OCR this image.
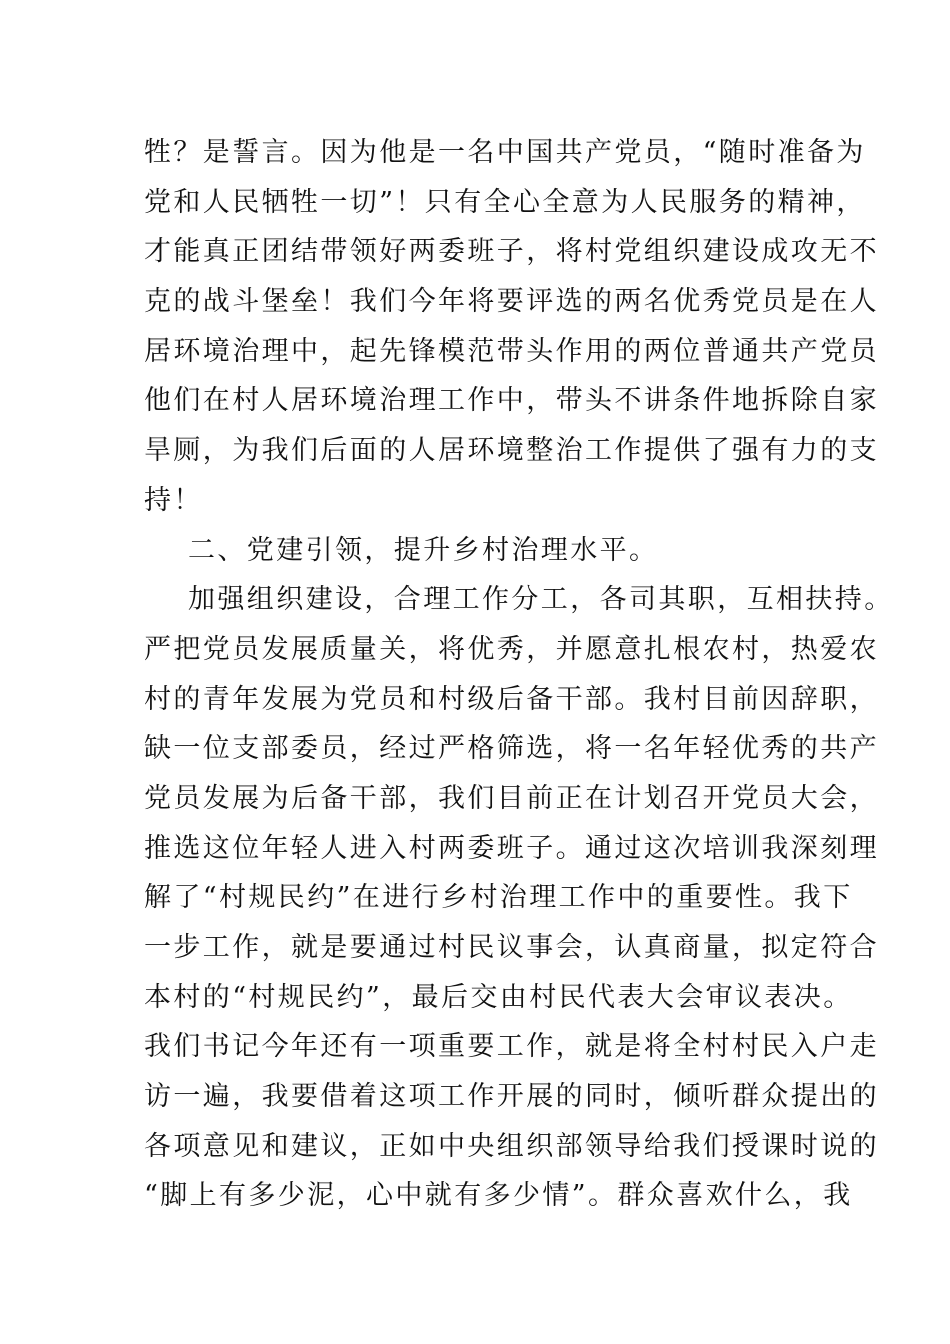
牲？是誓言。因为他是一名中国共产党员，“随时准备为
党和人民牺牲一切”！只有全心全意为人民服务的精神，
才能真正团结带领好两委班子，将村党组织建设成攻无不
克的战斗堡垒！我们今年将要评选的两名优秀党员是在人
居环境治理中，起先锋模范带头作用的两位普通共产党员
他们在村人居环境治理工作中，带头不讲条件地拆除自家
旱厕，为我们后面的人居环境整治工作提供了强有力的支
持！
二、党建引领，提升乡村治理水平。
加强组织建设，合理工作分工，各司其职，互相扶持。
严把党员发展质量关，将优秀，并愿意扎根农村，热爱农
村的青年发展为党员和村级后备干部。我村目前因辞职，
缺一位支部委员，经过严格筛选，将一名年轻优秀的共产
党员发展为后备干部，我们目前正在计划召开党员大会，
推选这位年轻人进入村两委班子。通过这次培训我深刻理
解了“村规民约”在进行乡村治理工作中的重要性。我下
一步工作，就是要通过村民议事会，认真商量，拟定符合
本村的“村规民约”，最后交由村民代表大会审议表决。
我们书记今年还有一项重要工作，就是将全村村民入户走
访一遍，我要借着这项工作开展的同时，倾听群众提出的
各项意见和建议，正如中央组织部领导给我们授课时说的
“脚上有多少泥，心中就有多少情”。群众喜欢什么，我
